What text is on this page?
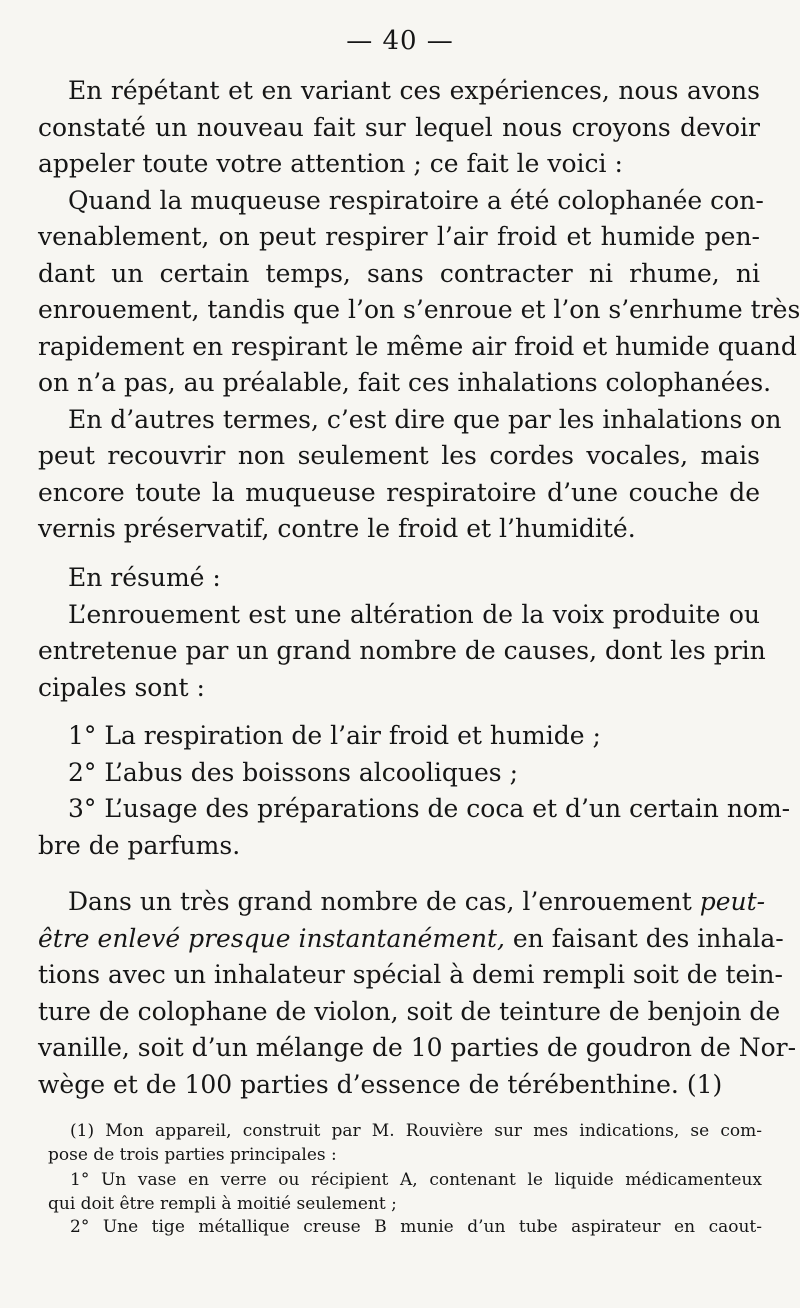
— 40 —
En répétant et en variant ces expériences, nous avons
constaté un nouveau fait sur lequel nous croyons devoir
appeler toute votre attention ; ce fait le voici :
Quand la muqueuse respiratoire a été colophanée con-
venablement, on peut respirer l’air froid et humide pen-
dant un certain temps, sans contracter ni rhume, ni
enrouement, tandis que l’on s’enroue et l’on s’enrhume très
rapidement en respirant le même air froid et humide quand
on n’a pas, au préalable, fait ces inhalations colophanées.
En d’autres termes, c’est dire que par les inhalations on
peut recouvrir non seulement les cordes vocales, mais
encore toute la muqueuse respiratoire d’une couche de
vernis préservatif, contre le froid et l’humidité.
En résumé :
L’enrouement est une altération de la voix produite ou
entretenue par un grand nombre de causes, dont les prin
cipales sont :
1° La respiration de l’air froid et humide ;
2° L’abus des boissons alcooliques ;
3° L’usage des préparations de coca et d’un certain nom-
bre de parfums.
Dans un très grand nombre de cas, l’enrouement peut-
être enlevé presque instantanément, en faisant des inhala-
tions avec un inhalateur spécial à demi rempli soit de tein-
ture de colophane de violon, soit de teinture de benjoin de
vanille, soit d’un mélange de 10 parties de goudron de Nor-
wège et de 100 parties d’essence de térébenthine. (1)
(1) Mon appareil, construit par M. Rouvière sur mes indications, se com-
pose de trois parties principales :
1° Un vase en verre ou récipient A, contenant le liquide médicamenteux
qui doit être rempli à moitié seulement ;
2° Une tige métallique creuse B munie d’un tube aspirateur en caout-
